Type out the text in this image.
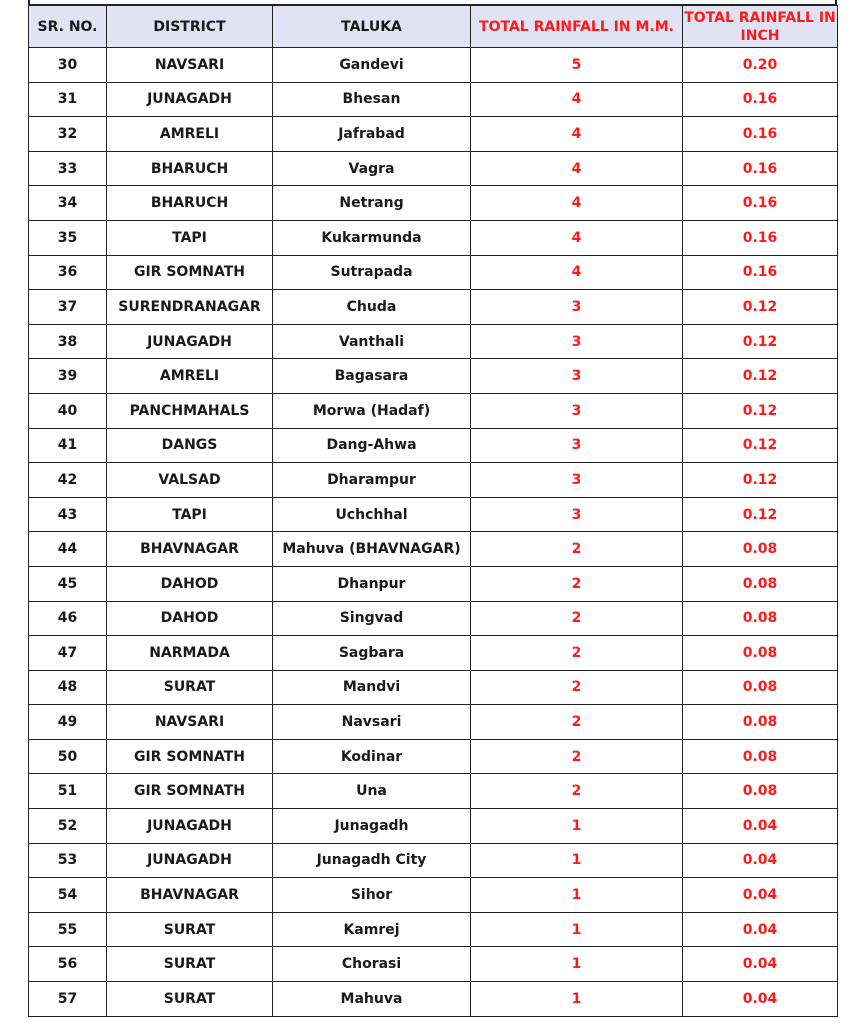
SR. NO.	DISTRICT	TALUKA	TOTAL RAINFALL IN M.M.	TOTAL RAINFALL IN INCH
30	NAVSARI	Gandevi	5	0.20
31	JUNAGADH	Bhesan	4	0.16
32	AMRELI	Jafrabad	4	0.16
33	BHARUCH	Vagra	4	0.16
34	BHARUCH	Netrang	4	0.16
35	TAPI	Kukarmunda	4	0.16
36	GIR SOMNATH	Sutrapada	4	0.16
37	SURENDRANAGAR	Chuda	3	0.12
38	JUNAGADH	Vanthali	3	0.12
39	AMRELI	Bagasara	3	0.12
40	PANCHMAHALS	Morwa (Hadaf)	3	0.12
41	DANGS	Dang-Ahwa	3	0.12
42	VALSAD	Dharampur	3	0.12
43	TAPI	Uchchhal	3	0.12
44	BHAVNAGAR	Mahuva (BHAVNAGAR)	2	0.08
45	DAHOD	Dhanpur	2	0.08
46	DAHOD	Singvad	2	0.08
47	NARMADA	Sagbara	2	0.08
48	SURAT	Mandvi	2	0.08
49	NAVSARI	Navsari	2	0.08
50	GIR SOMNATH	Kodinar	2	0.08
51	GIR SOMNATH	Una	2	0.08
52	JUNAGADH	Junagadh	1	0.04
53	JUNAGADH	Junagadh City	1	0.04
54	BHAVNAGAR	Sihor	1	0.04
55	SURAT	Kamrej	1	0.04
56	SURAT	Chorasi	1	0.04
57	SURAT	Mahuva	1	0.04
